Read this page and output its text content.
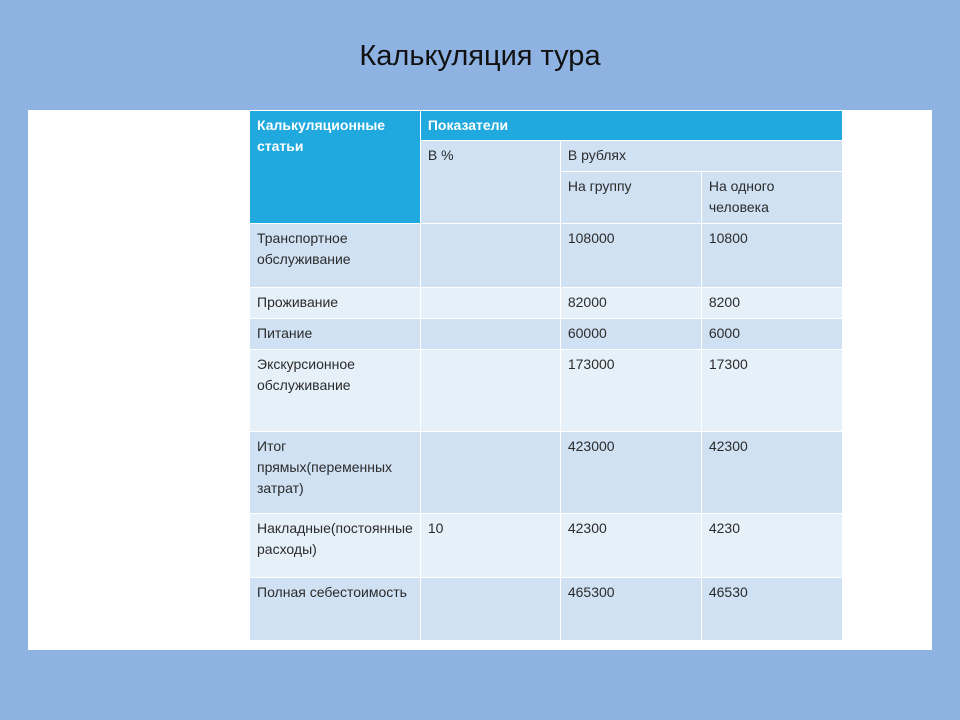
Калькуляция тура
Калькуляционные статьи	Показатели		
	В %	В рублях	
		На группу	На одного человека
Транспортное обслуживание		108000	10800
Проживание		82000	8200
Питание		60000	6000
Экскурсионное обслуживание		173000	17300
Итог прямых(переменных затрат)		423000	42300
Накладные(постоянные расходы)	10	42300	4230
Полная себестоимость		465300	46530
